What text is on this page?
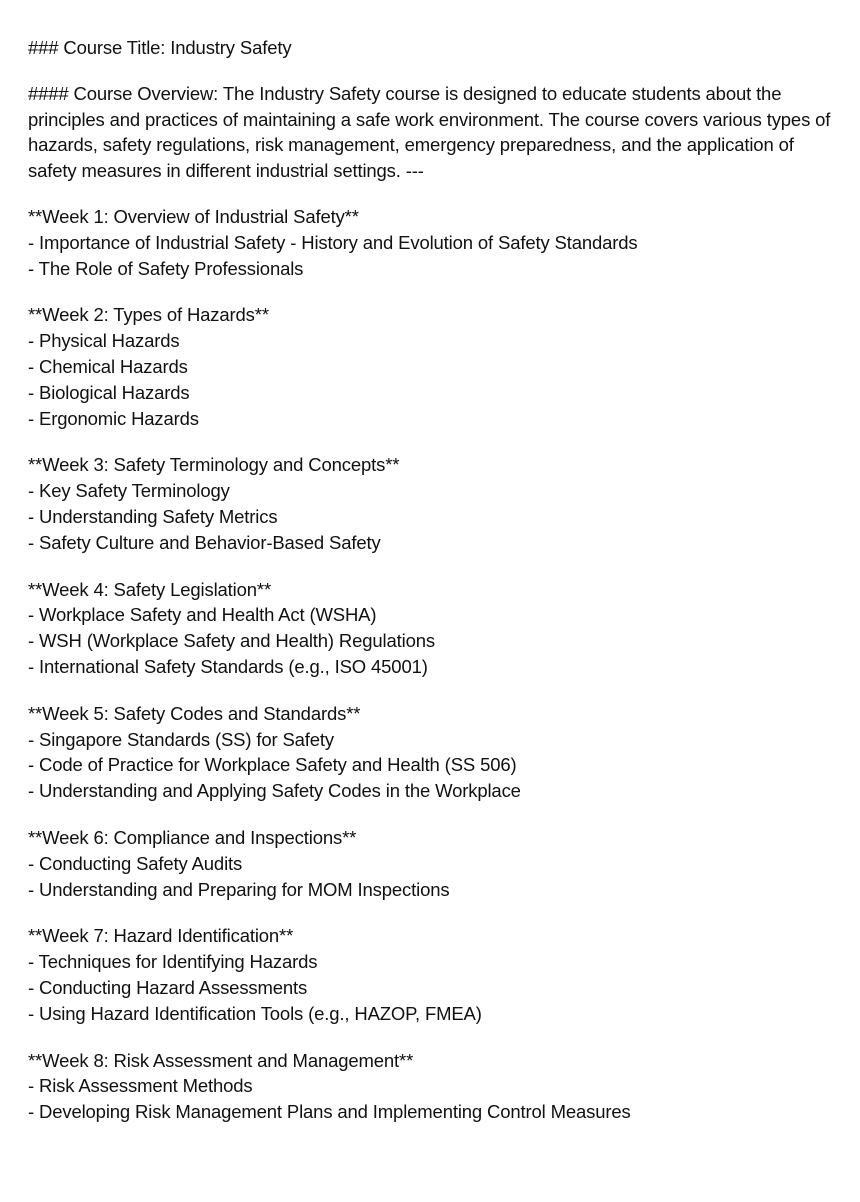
### Course Title: Industry Safety
#### Course Overview: The Industry Safety course is designed to educate students about the principles and practices of maintaining a safe work environment. The course covers various types of hazards, safety regulations, risk management, emergency preparedness, and the application of safety measures in different industrial settings. ---
**Week 1: Overview of Industrial Safety**
- Importance of Industrial Safety - History and Evolution of Safety Standards
- The Role of Safety Professionals
**Week 2: Types of Hazards**
- Physical Hazards
- Chemical Hazards
- Biological Hazards
- Ergonomic Hazards
**Week 3: Safety Terminology and Concepts**
- Key Safety Terminology
- Understanding Safety Metrics
- Safety Culture and Behavior-Based Safety
**Week 4: Safety Legislation**
- Workplace Safety and Health Act (WSHA)
- WSH (Workplace Safety and Health) Regulations
- International Safety Standards (e.g., ISO 45001)
**Week 5: Safety Codes and Standards**
- Singapore Standards (SS) for Safety
- Code of Practice for Workplace Safety and Health (SS 506)
- Understanding and Applying Safety Codes in the Workplace
**Week 6: Compliance and Inspections**
- Conducting Safety Audits
- Understanding and Preparing for MOM Inspections
**Week 7: Hazard Identification**
- Techniques for Identifying Hazards
- Conducting Hazard Assessments
- Using Hazard Identification Tools (e.g., HAZOP, FMEA)
**Week 8: Risk Assessment and Management**
- Risk Assessment Methods
- Developing Risk Management Plans and Implementing Control Measures
